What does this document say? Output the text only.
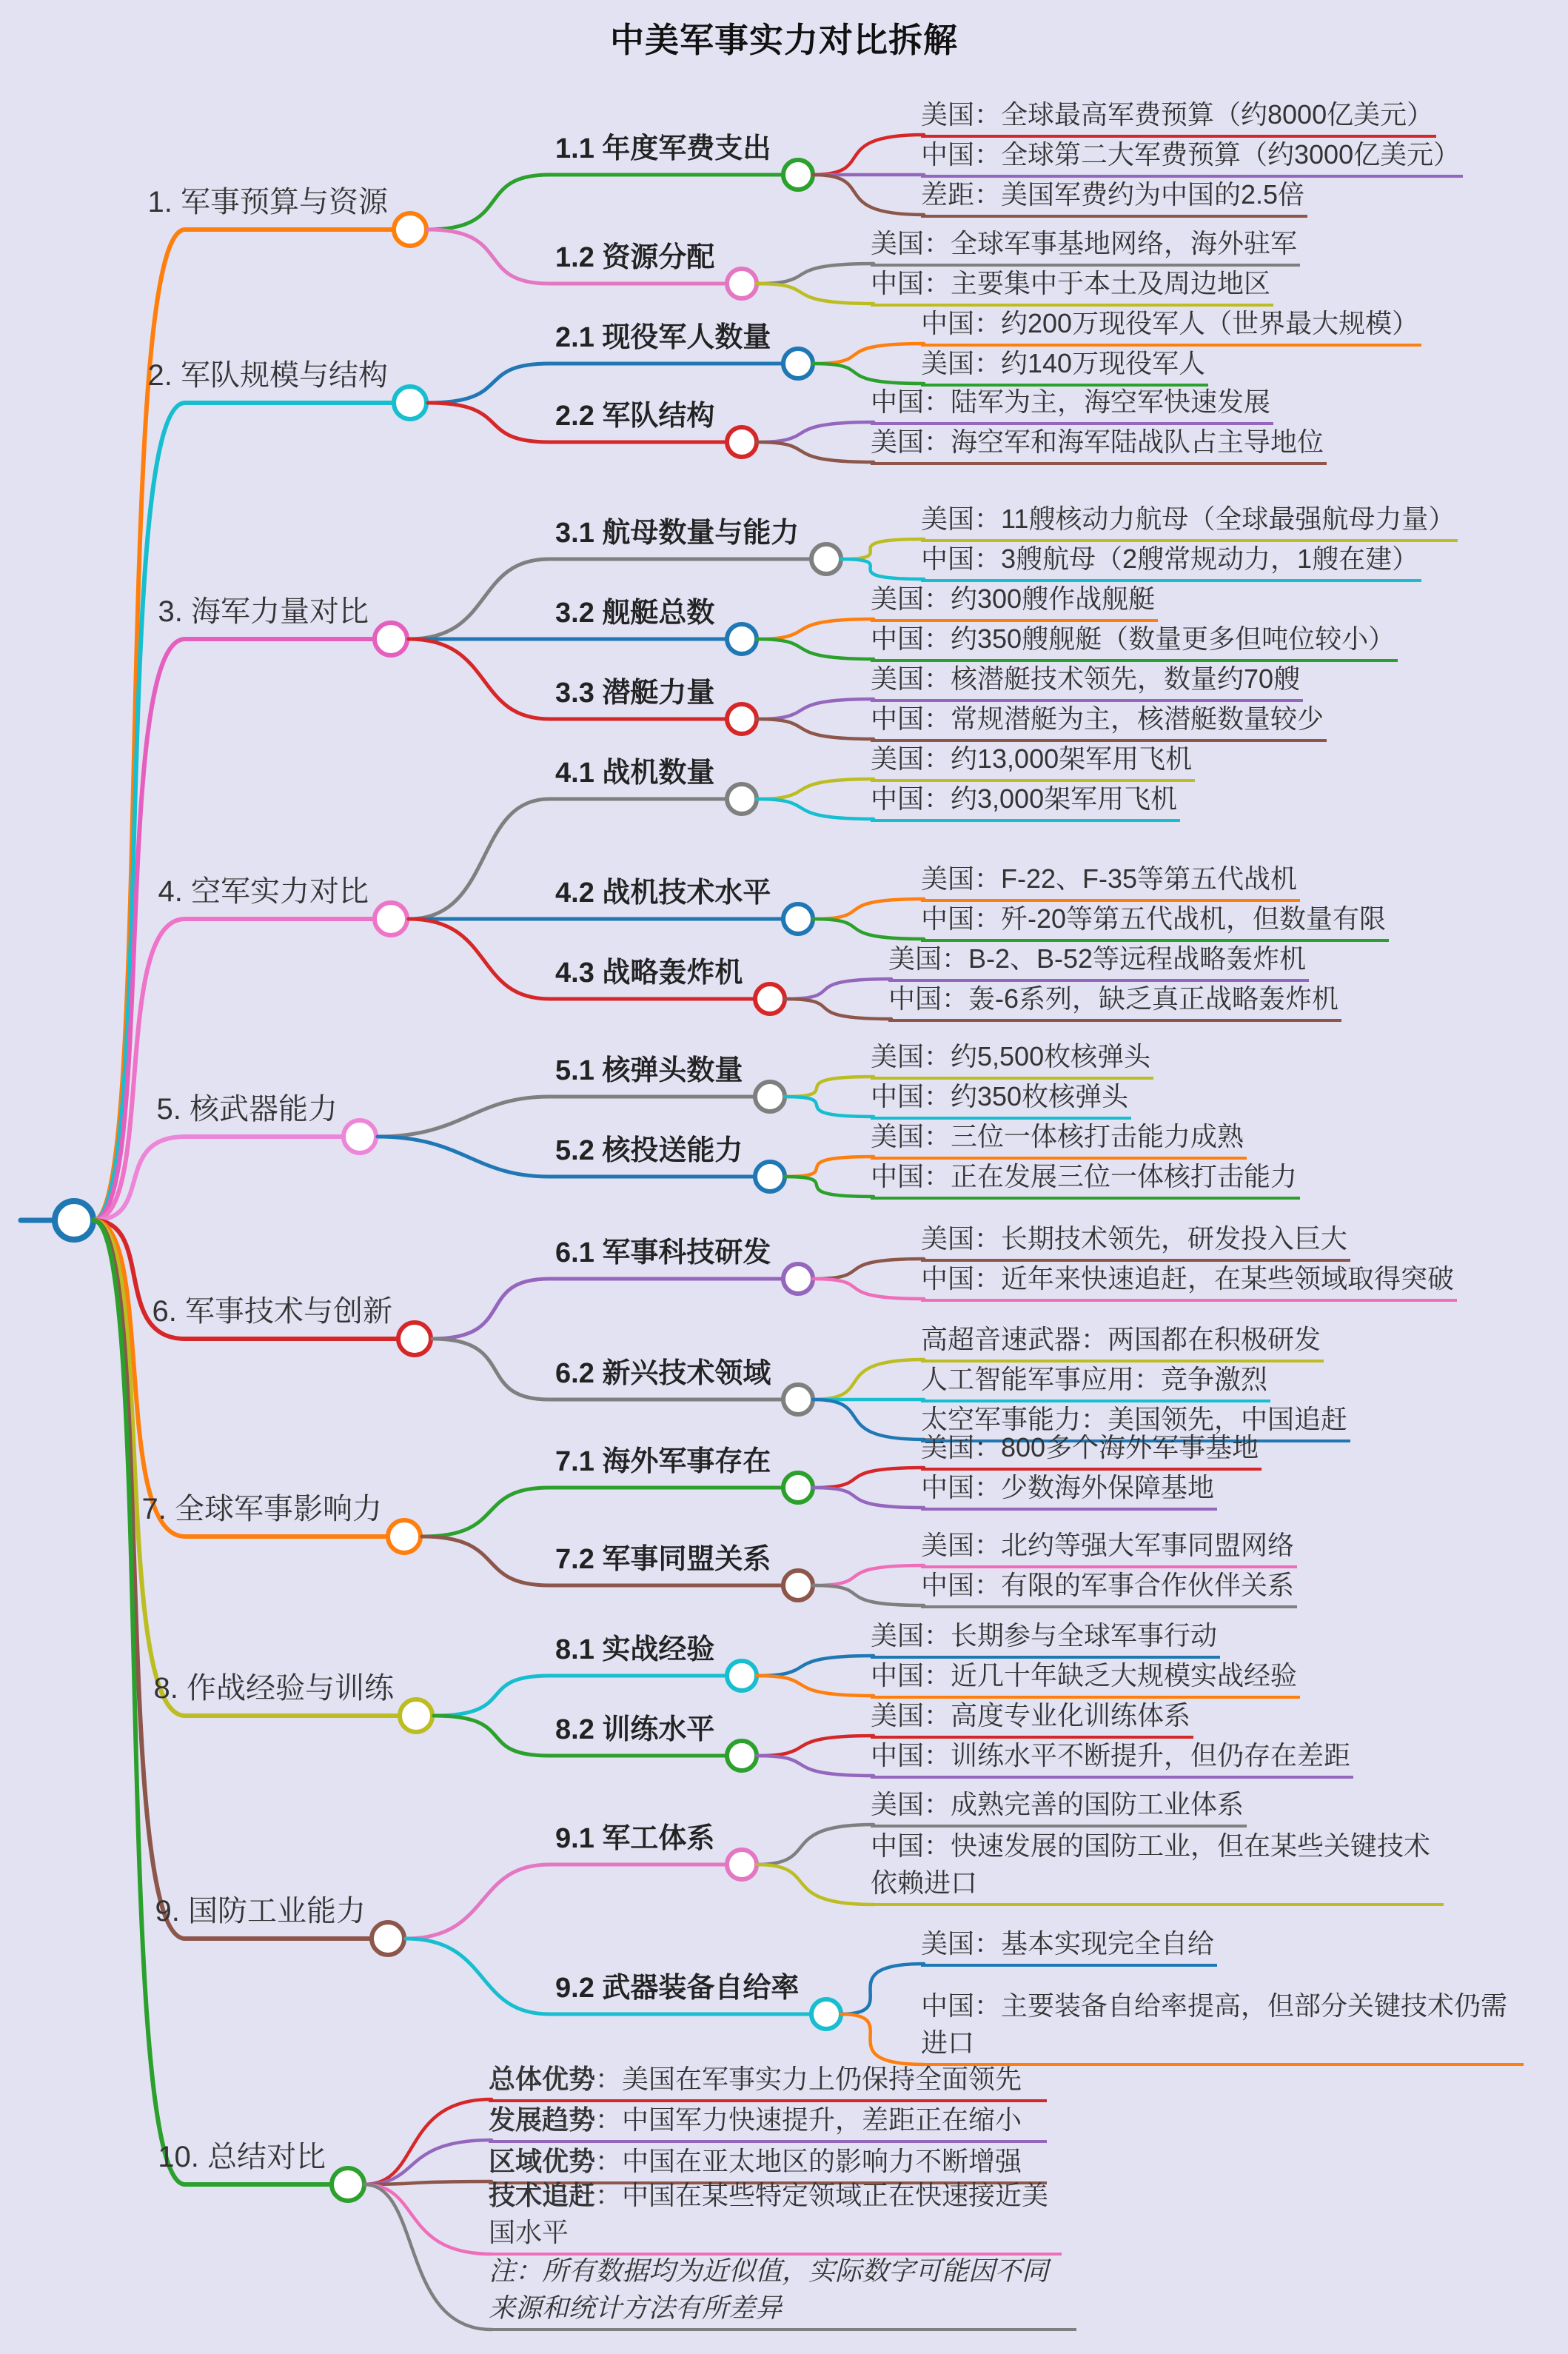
中美军事实力对比拆解
1. 军事预算与资源
1.1 年度军费支出
美国：全球最高军费预算（约8000亿美元）
中国：全球第二大军费预算（约3000亿美元）
差距：美国军费约为中国的2.5倍
1.2 资源分配	美国：全球军事基地网络，海外驻军
中国：主要集中于本土及周边地区
2. 军队规模与结构
2.1 现役军人数量	中国：约200万现役军人（世界最大规模）
美国：约140万现役军人
2.2 军队结构	中国：陆军为主，海空军快速发展
美国：海空军和海军陆战队占主导地位
3. 海军力量对比
3.1 航母数量与能力	美国：11艘核动力航母（全球最强航母力量）
中国：3艘航母（2艘常规动力，1艘在建）
3.2 舰艇总数	美国：约300艘作战舰艇
中国：约350艘舰艇（数量更多但吨位较小）
3.3 潜艇力量	美国：核潜艇技术领先，数量约70艘
中国：常规潜艇为主，核潜艇数量较少
4. 空军实力对比
4.1 战机数量	美国：约13,000架军用飞机
中国：约3,000架军用飞机
4.2 战机技术水平	美国：F-22、F-35等第五代战机
中国：歼-20等第五代战机，但数量有限
4.3 战略轰炸机	美国：B-2、B-52等远程战略轰炸机
中国：轰-6系列，缺乏真正战略轰炸机
5. 核武器能力
5.1 核弹头数量	美国：约5,500枚核弹头
中国：约350枚核弹头
5.2 核投送能力	美国：三位一体核打击能力成熟
中国：正在发展三位一体核打击能力
6. 军事技术与创新
6.1 军事科技研发	美国：长期技术领先，研发投入巨大
中国：近年来快速追赶，在某些领域取得突破
6.2 新兴技术领域
高超音速武器：两国都在积极研发
人工智能军事应用：竞争激烈
太空军事能力：美国领先，中国追赶
7. 全球军事影响力
7.1 海外军事存在	美国：800多个海外军事基地
中国：少数海外保障基地
7.2 军事同盟关系	美国：北约等强大军事同盟网络
中国：有限的军事合作伙伴关系
8. 作战经验与训练
8.1 实战经验	美国：长期参与全球军事行动
中国：近几十年缺乏大规模实战经验
8.2 训练水平	美国：高度专业化训练体系
中国：训练水平不断提升，但仍存在差距
9. 国防工业能力
9.1 军工体系
美国：成熟完善的国防工业体系
中国：快速发展的国防工业，但在某些关键技术依赖进口
9.2 武器装备自给率
美国：基本实现完全自给
中国：主要装备自给率提高，但部分关键技术仍需进口
10. 总结对比
总体优势：美国在军事实力上仍保持全面领先
发展趋势：中国军力快速提升，差距正在缩小
区域优势：中国在亚太地区的影响力不断增强
技术追赶：中国在某些特定领域正在快速接近美国水平
注：所有数据均为近似值，实际数字可能因不同来源和统计方法有所差异
